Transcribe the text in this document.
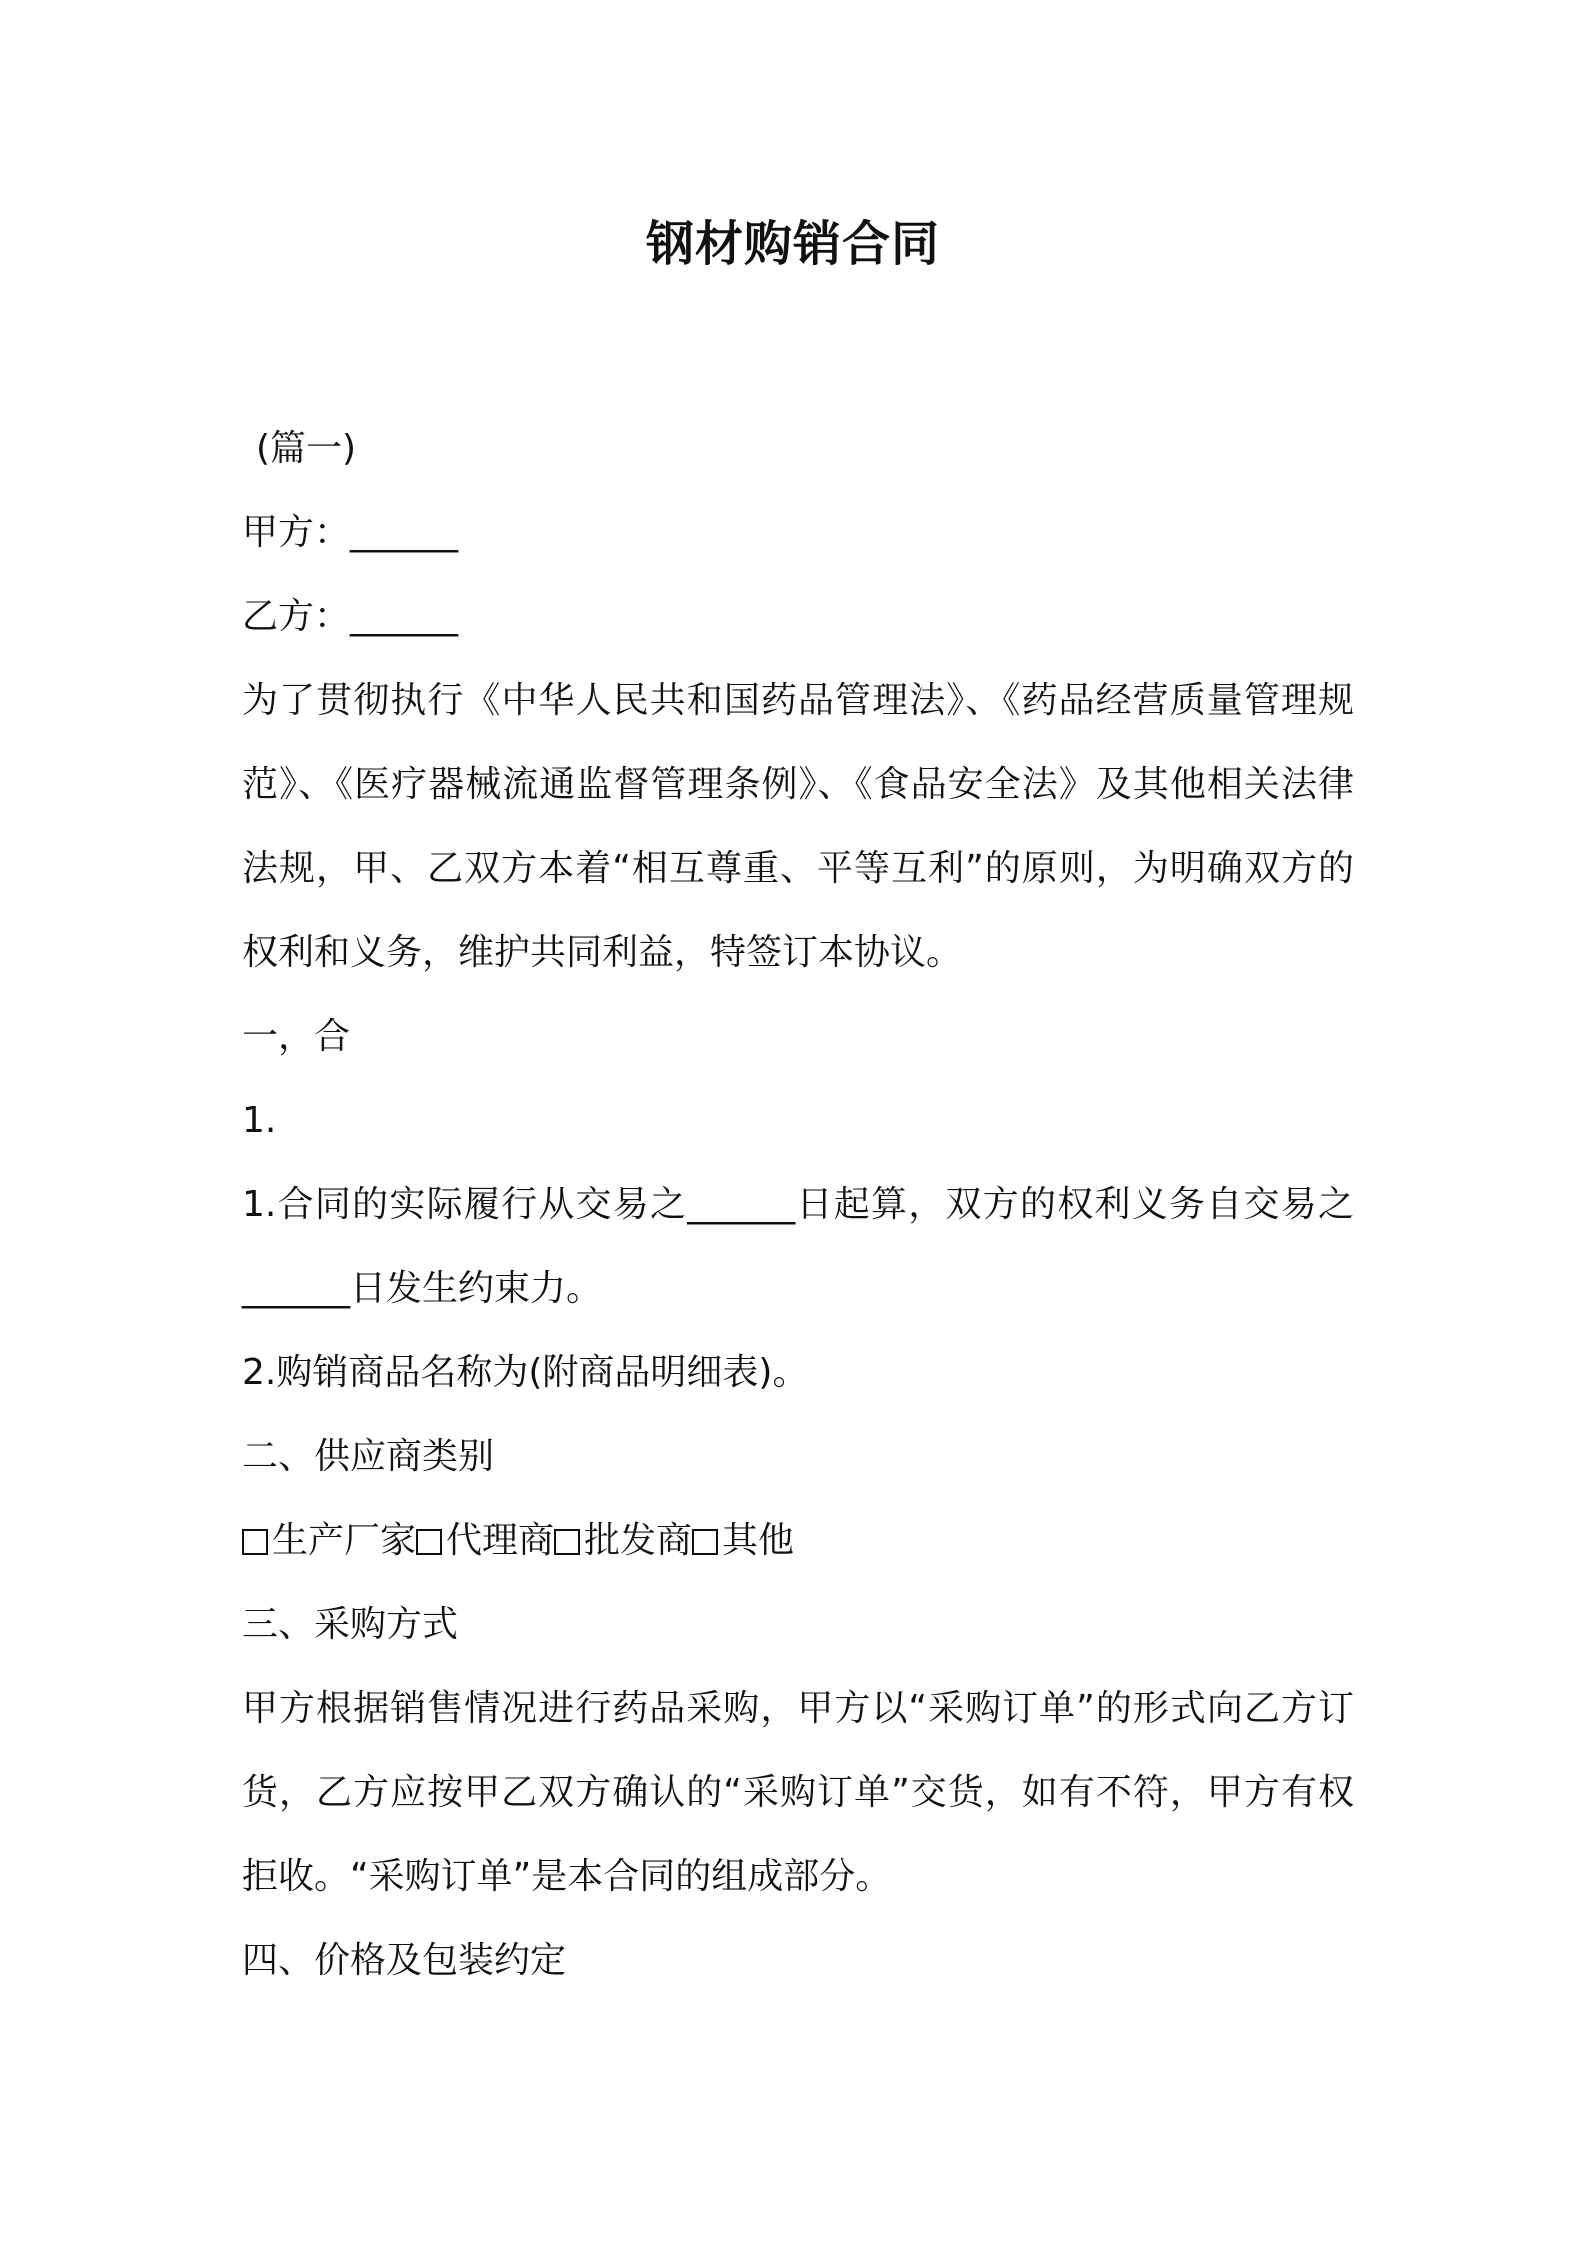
钢材购销合同
(篇一)
甲方：______
乙方：______
为了贯彻执行《中华人民共和国药品管理法》、《药品经营质量管理规范》、《医疗器械流通监督管理条例》、《食品安全法》及其他相关法律法规，甲、乙双方本着“相互尊重、平等互利”的原则，为明确双方的权利和义务，维护共同利益，特签订本协议。
一，合
1.
1.合同的实际履行从交易之______日起算，双方的权利义务自交易之______日发生约束力。
2.购销商品名称为(附商品明细表)。
二、供应商类别
生产厂家 代理商 批发商 其他
三、采购方式
甲方根据销售情况进行药品采购，甲方以“采购订单”的形式向乙方订货，乙方应按甲乙双方确认的“采购订单”交货，如有不符，甲方有权拒收。“采购订单”是本合同的组成部分。
四、价格及包装约定
